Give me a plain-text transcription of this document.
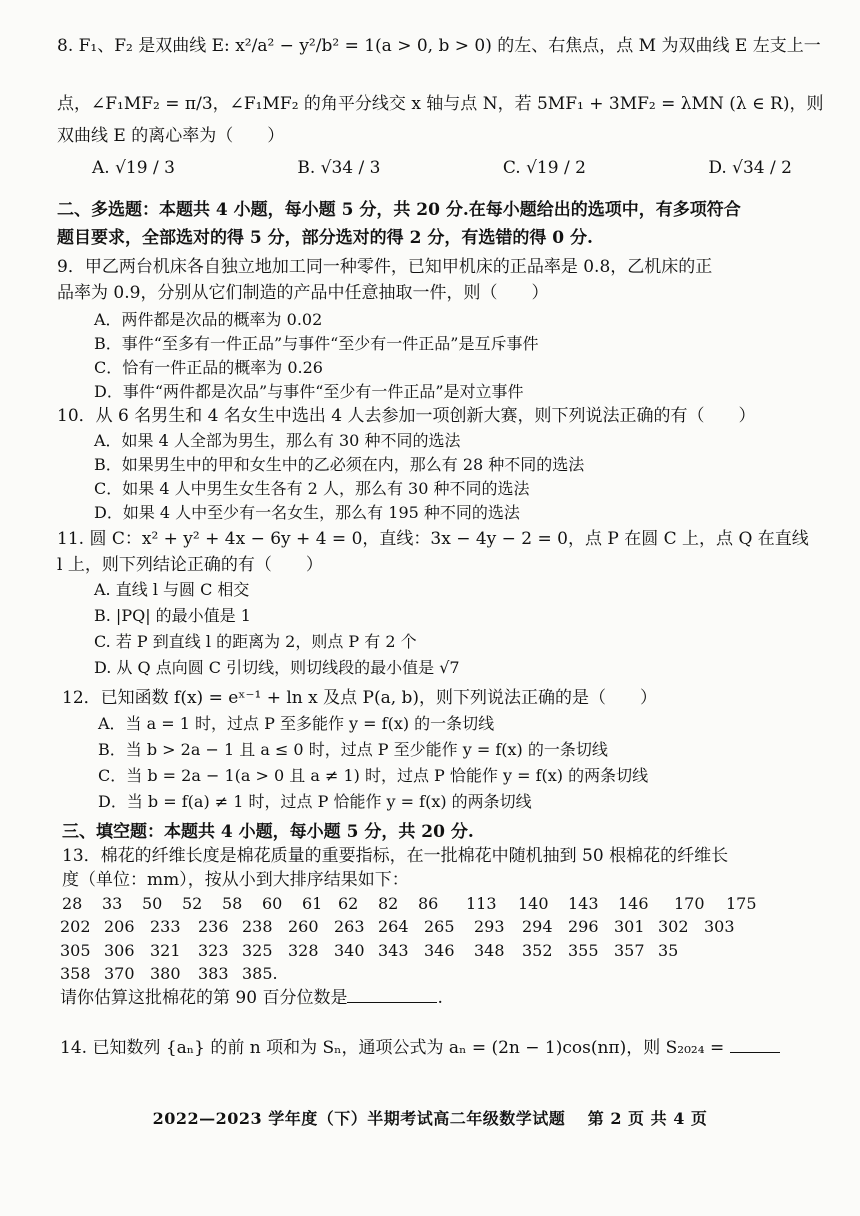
8. F₁、F₂ 是双曲线 E: x²/a² − y²/b² = 1(a > 0, b > 0) 的左、右焦点，点 M 为双曲线 E 左支上一
点，∠F₁MF₂ = π/3，∠F₁MF₂ 的角平分线交 x 轴与点 N，若 5MF₁ + 3MF₂ = λMN (λ ∈ R)，则
双曲线 E 的离心率为（　　）
A. √19 / 3	B. √34 / 3	C. √19 / 2	D. √34 / 2
二、多选题：本题共 4 小题，每小题 5 分，共 20 分.在每小题给出的选项中，有多项符合
题目要求，全部选对的得 5 分，部分选对的得 2 分，有选错的得 0 分.
9．甲乙两台机床各自独立地加工同一种零件，已知甲机床的正品率是 0.8，乙机床的正
品率为 0.9，分别从它们制造的产品中任意抽取一件，则（　　）
A．两件都是次品的概率为 0.02
B．事件“至多有一件正品”与事件“至少有一件正品”是互斥事件
C．恰有一件正品的概率为 0.26
D．事件“两件都是次品”与事件“至少有一件正品”是对立事件
10．从 6 名男生和 4 名女生中选出 4 人去参加一项创新大赛，则下列说法正确的有（　　）
A．如果 4 人全部为男生，那么有 30 种不同的选法
B．如果男生中的甲和女生中的乙必须在内，那么有 28 种不同的选法
C．如果 4 人中男生女生各有 2 人，那么有 30 种不同的选法
D．如果 4 人中至少有一名女生，那么有 195 种不同的选法
11. 圆 C：x² + y² + 4x − 6y + 4 = 0，直线：3x − 4y − 2 = 0，点 P 在圆 C 上，点 Q 在直线
l 上，则下列结论正确的有（　　）
A. 直线 l 与圆 C 相交
B. |PQ| 的最小值是 1
C. 若 P 到直线 l 的距离为 2，则点 P 有 2 个
D. 从 Q 点向圆 C 引切线，则切线段的最小值是 √7
12．已知函数 f(x) = eˣ⁻¹ + ln x 及点 P(a, b)，则下列说法正确的是（　　）
A．当 a = 1 时，过点 P 至多能作 y = f(x) 的一条切线
B．当 b > 2a − 1 且 a ≤ 0 时，过点 P 至少能作 y = f(x) 的一条切线
C．当 b = 2a − 1(a > 0 且 a ≠ 1) 时，过点 P 恰能作 y = f(x) 的两条切线
D．当 b = f(a) ≠ 1 时，过点 P 恰能作 y = f(x) 的两条切线
三、填空题：本题共 4 小题，每小题 5 分，共 20 分.
13．棉花的纤维长度是棉花质量的重要指标，在一批棉花中随机抽到 50 根棉花的纤维长
度（单位：mm），按从小到大排序结果如下：
28	33	50	52	58	60	61 62	82	86	113	140	143	146	170	175
202 206 233	236 238 260 263 264 265	293	294 296 301 302 303
305 306 321	323 325 328 340 343 346	348	352 355 357 35
358 370 380	383 385.
请你估算这批棉花的第 90 百分位数是	.
14. 已知数列 {aₙ} 的前 n 项和为 Sₙ，通项公式为 aₙ = (2n − 1)cos(nπ)，则 S₂₀₂₄ =
2022—2023 学年度（下）半期考试高二年级数学试题　 第 2 页 共 4 页
